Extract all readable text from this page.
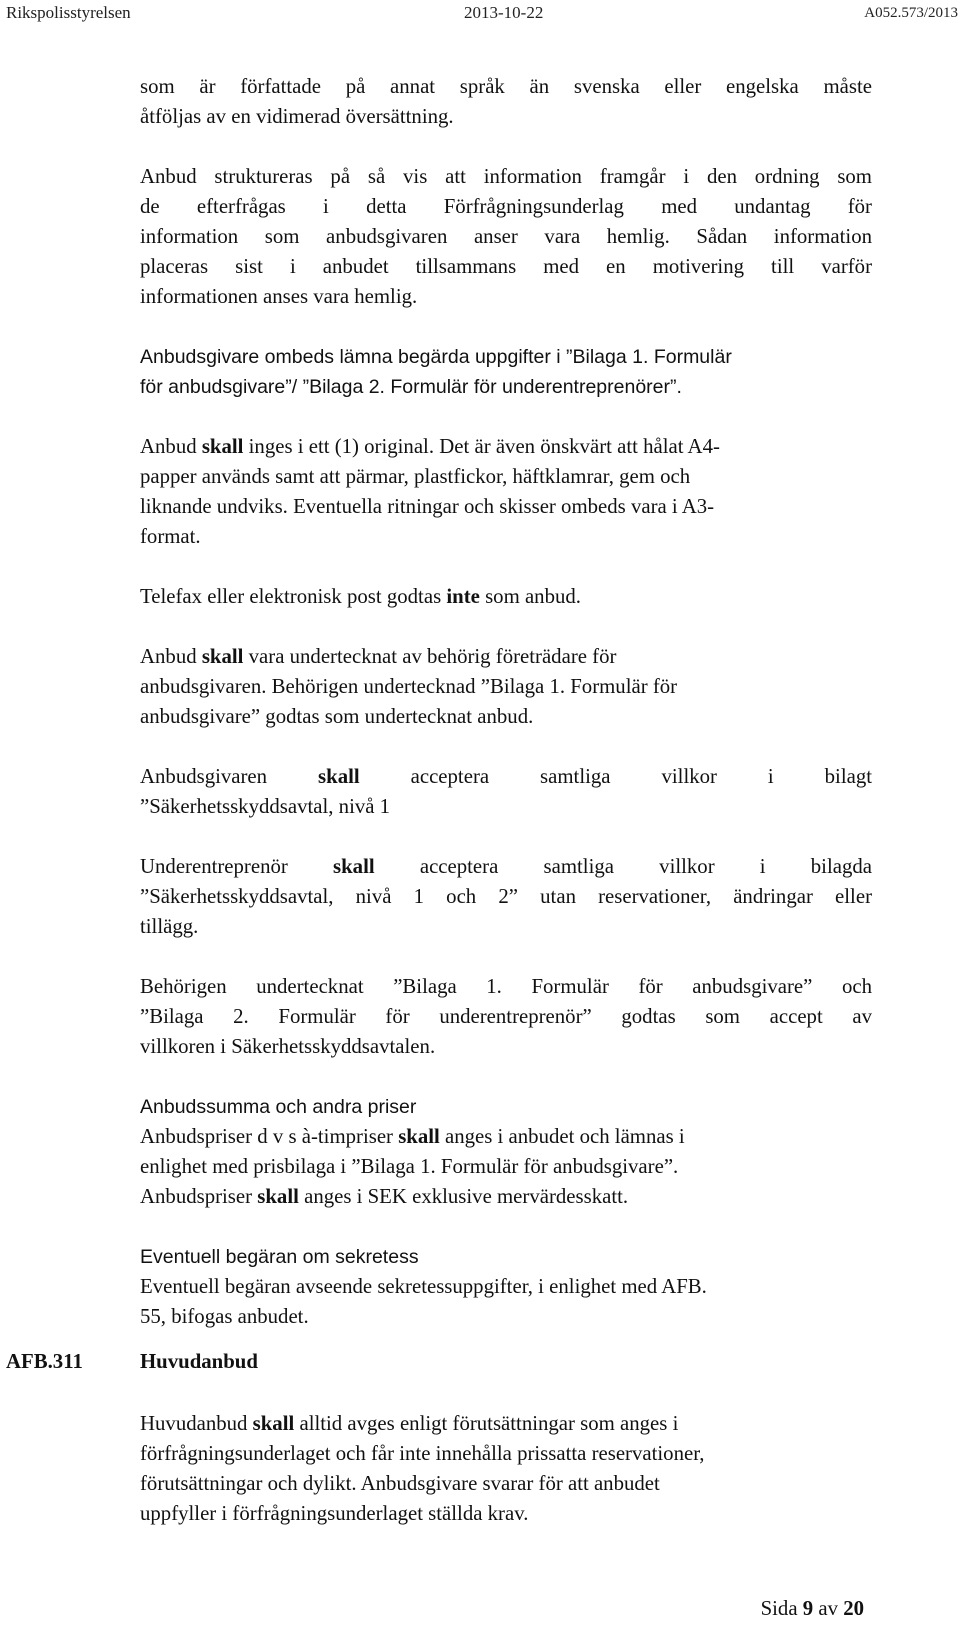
Rikspolisstyrelsen	2013-10-22	A052.573/2013
som är författade på annat språk än svenska eller engelska måste
åtföljas av en vidimerad översättning.
Anbud struktureras på så vis att information framgår i den ordning som
de efterfrågas i detta Förfrågningsunderlag med undantag för
information som anbudsgivaren anser vara hemlig. Sådan information
placeras sist i anbudet tillsammans med en motivering till varför
informationen anses vara hemlig.
Anbudsgivare ombeds lämna begärda uppgifter i ”Bilaga 1. Formulär
för anbudsgivare”/ ”Bilaga 2. Formulär för underentreprenörer”.
Anbud skall inges i ett (1) original. Det är även önskvärt att hålat A4-
papper används samt att pärmar, plastfickor, häftklamrar, gem och
liknande undviks. Eventuella ritningar och skisser ombeds vara i A3-
format.
Telefax eller elektronisk post godtas inte som anbud.
Anbud skall vara undertecknat av behörig företrädare för
anbudsgivaren. Behörigen undertecknad ”Bilaga 1. Formulär för
anbudsgivare” godtas som undertecknat anbud.
Anbudsgivaren skall acceptera samtliga villkor i bilagt
”Säkerhetsskyddsavtal, nivå 1
Underentreprenör skall acceptera samtliga villkor i bilagda
”Säkerhetsskyddsavtal, nivå 1 och 2” utan reservationer, ändringar eller
tillägg.
Behörigen undertecknat ”Bilaga 1. Formulär för anbudsgivare” och
”Bilaga 2. Formulär för underentreprenör” godtas som accept av
villkoren i Säkerhetsskyddsavtalen.
Anbudssumma och andra priser
Anbudspriser d v s à-timpriser skall anges i anbudet och lämnas i
enlighet med prisbilaga i ”Bilaga 1. Formulär för anbudsgivare”.
Anbudspriser skall anges i SEK exklusive mervärdesskatt.
Eventuell begäran om sekretess
Eventuell begäran avseende sekretessuppgifter, i enlighet med AFB.
55, bifogas anbudet.
AFB.311	Huvudanbud
Huvudanbud skall alltid avges enligt förutsättningar som anges i
förfrågningsunderlaget och får inte innehålla prissatta reservationer,
förutsättningar och dylikt. Anbudsgivare svarar för att anbudet
uppfyller i förfrågningsunderlaget ställda krav.
Sida 9 av 20
